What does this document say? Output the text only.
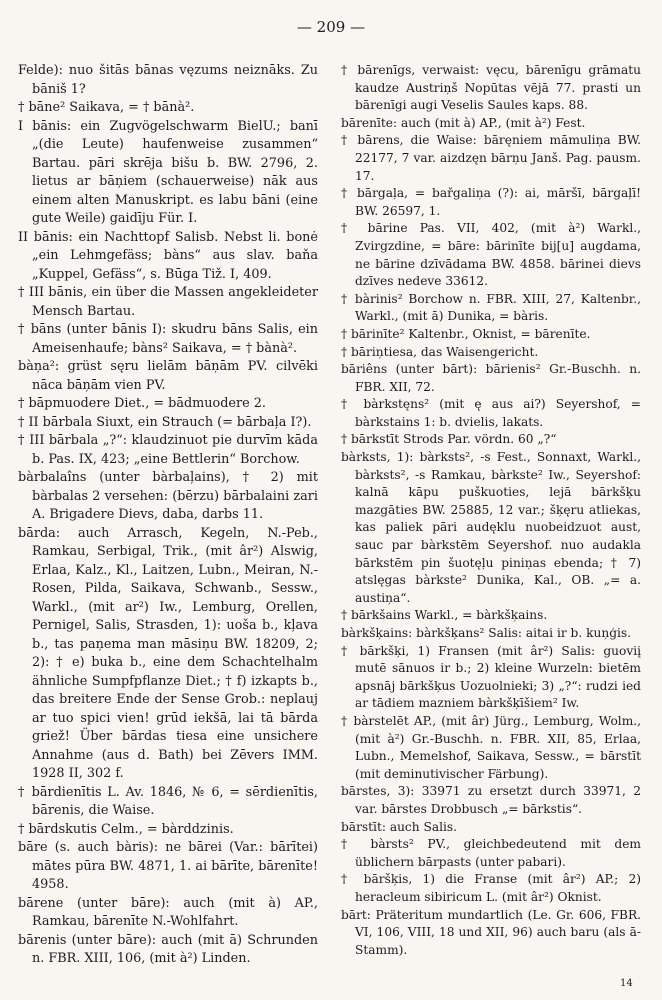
— 209 —

Felde): nuo šitās bānas vęzums neiznāks. Zu bāniš 1?

† bāne² Saikava, = † bānà².

I bānis: ein Zugvögelschwarm BielU.; banī „(die Leute) haufenweise zusammen“ Bartau. pāri skrēja bišu b. BW. 2796, 2. lietus ar bāņiem (schauerweise) nāk aus einem alten Manuskript. es labu bāni (eine gute Weile) gaidīju Für. I.

II bānis: ein Nachttopf Salisb. Nebst li. bonė „ein Lehmgefäss; bàns“ aus slav. baňa „Kuppel, Gefäss“, s. Būga Tiž. I, 409.

† III bānis, ein über die Massen angekleideter Mensch Bartau.

† bāns (unter bānis I): skudru bāns Salis, ein Ameisenhaufe; bàns² Saikava, = † bànà².

bàņa²: grüst sęru lielām bāņām PV. cilvēki nāca bāņām vien PV.

† bāpmuodere Diet., = bādmuodere 2.

† II bārbala Siuxt, ein Strauch (= bārbaļa I?).

† III bārbala „?“: klaudzinuot pie durvīm kāda b. Pas. IX, 423; „eine Bettlerin“ Borchow.

bàrbalaîns (unter bàrbaļains), † 2) mit bàrbalas 2 versehen: (bērzu) bārbalaini zari A. Brigadere Dievs, daba, darbs 11.

bārda: auch Arrasch, Kegeln, N.-Peb., Ramkau, Serbigal, Trik., (mit âr²) Alswig, Erlaa, Kalz., Kl., Laitzen, Lubn., Meiran, N.-Rosen, Pilda, Saikava, Schwanb., Sessw., Warkl., (mit ar²) Iw., Lemburg, Orellen, Pernigel, Salis, Strasden, 1): uoša b., kļava b., tas paņema man māsiņu BW. 18209, 2; 2): † e) buka b., eine dem Schachtelhalm ähnliche Sumpfpflanze Diet.; † f) izkapts b., das breitere Ende der Sense Grob.: neplauj ar tuo spici vien! grūd iekšā, lai tā bārda griež! Über bārdas tiesa eine unsichere Annahme (aus d. Bath) bei Zēvers IMM. 1928 II, 302 f.

† bārdienītis L. Av. 1846, № 6, = sērdienītis, bārenis, die Waise.

† bārdskutis Celm., = bàrddzinis.

bāre (s. auch bàris): ne bārei (Var.: bārītei) mātes pūra BW. 4871, 1. ai bārīte, bārenīte! 4958.

bārene (unter bāre): auch (mit à) AP., Ramkau, bārenīte N.-Wohlfahrt.

bārenis (unter bāre): auch (mit ā) Schrunden n. FBR. XIII, 106, (mit à²) Linden.

† bārenīgs, verwaist: vęcu, bārenīgu grāmatu kaudze Austriņš Nopūtas vējā 77. prasti un bārenīgi augi Veselis Saules kaps. 88.

bārenīte: auch (mit à) AP., (mit à²) Fest.

† bārens, die Waise: bāręniem māmuliņa BW. 22177, 7 var. aizdzęn bārņu Janš. Pag. pausm. 17.

† bārgaļa, = bařgaliņa (?): ai, māršī, bārgaļī! BW. 26597, 1.

† bārine Pas. VII, 402, (mit à²) Warkl., Zvirgzdine, = bāre: bārinīte bij[u] augdama, ne bārine dzīvādama BW. 4858. bārinei dievs dzīves nedeve 33612.

† bàrinis² Borchow n. FBR. XIII, 27, Kaltenbr., Warkl., (mit ā) Dunika, = bàris.

† bārinīte² Kaltenbr., Oknist, = bārenīte.

† bāriņtiesa, das Waisengericht.

bāriêns (unter bārt): bārienis² Gr.-Buschh. n. FBR. XII, 72.

† bàrkstęns² (mit ę aus ai?) Seyershof, = bàrkstains 1: b. dvielis, lakats.

† bārkstīt Strods Par. vördn. 60 „?“

bàrksts, 1): bàrksts², -s Fest., Sonnaxt, Warkl., bàrksts², -s Ramkau, bàrkste² Iw., Seyershof: kalnā kāpu puškuoties, lejā bārkšķu mazgāties BW. 25885, 12 var.; šķęru atliekas, kas paliek pāri audęklu nuobeidzuot aust, sauc par bàrkstēm Seyershof. nuo audakla bārkstēm pin šuotęļu piniņas ebenda; † 7) atslęgas bàrkste² Dunika, Kal., OB. „= a. austiņa“.

† bārkšains Warkl., = bàrkšķains.

bàrkšķains: bàrkšķans² Salis: aitai ir b. kuņģis.

† bārkšķi, 1) Fransen (mit âr²) Salis: guoviį mutē sānuos ir b.; 2) kleine Wurzeln: bietēm apsnāj bārkšķus Uozuolnieki; 3) „?“: rudzi ied ar tādiem mazniem bàrkšķīšiem² Iw.

† bàrstelēt AP., (mit âr) Jürg., Lemburg, Wolm., (mit à²) Gr.-Buschh. n. FBR. XII, 85, Erlaa, Lubn., Memelshof, Saikava, Sessw., = bārstīt (mit deminutivischer Färbung).

bārstes, 3): 33971 zu ersetzt durch 33971, 2 var. bārstes Drobbusch „= bārkstis“.

bārstīt: auch Salis.

† bàrsts² PV., gleichbedeutend mit dem üblichern bārpasts (unter pabari).

† bāršķis, 1) die Franse (mit âr²) AP.; 2) heracleum sibiricum L. (mit âr²) Oknist.

bārt: Präteritum mundartlich (Le. Gr. 606, FBR. VI, 106, VIII, 18 und XII, 96) auch baru (als ā-Stamm).

14
